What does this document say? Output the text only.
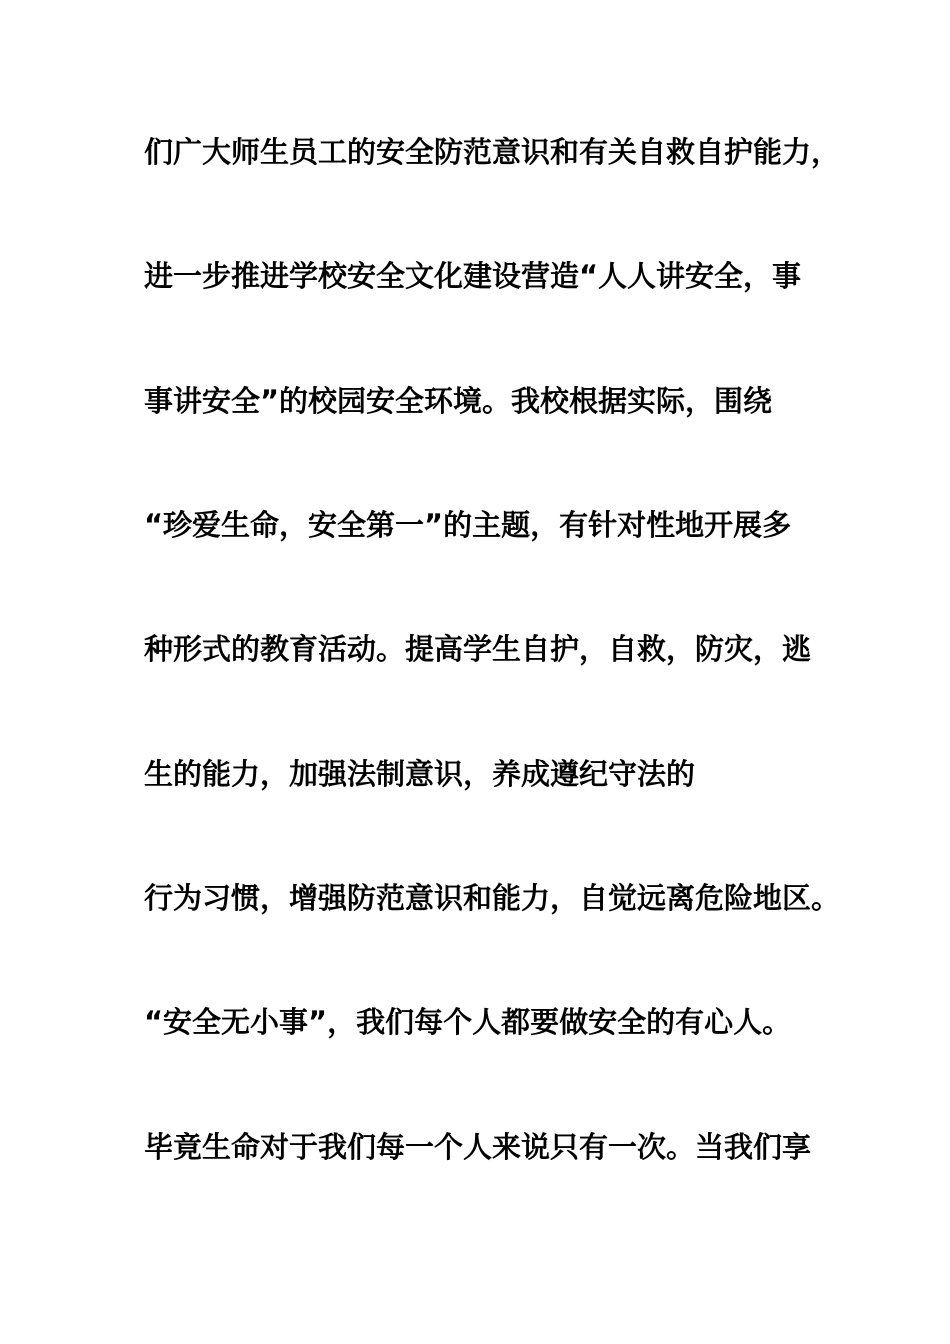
们广大师生员工的安全防范意识和有关自救自护能力，

进一步推进学校安全文化建设营造“人人讲安全，事

事讲安全”的校园安全环境。我校根据实际，围绕

“珍爱生命，安全第一”的主题，有针对性地开展多

种形式的教育活动。提高学生自护，自救，防灾，逃

生的能力，加强法制意识，养成遵纪守法的

行为习惯，增强防范意识和能力，自觉远离危险地区。

“安全无小事”，我们每个人都要做安全的有心人。

毕竟生命对于我们每一个人来说只有一次。当我们享
